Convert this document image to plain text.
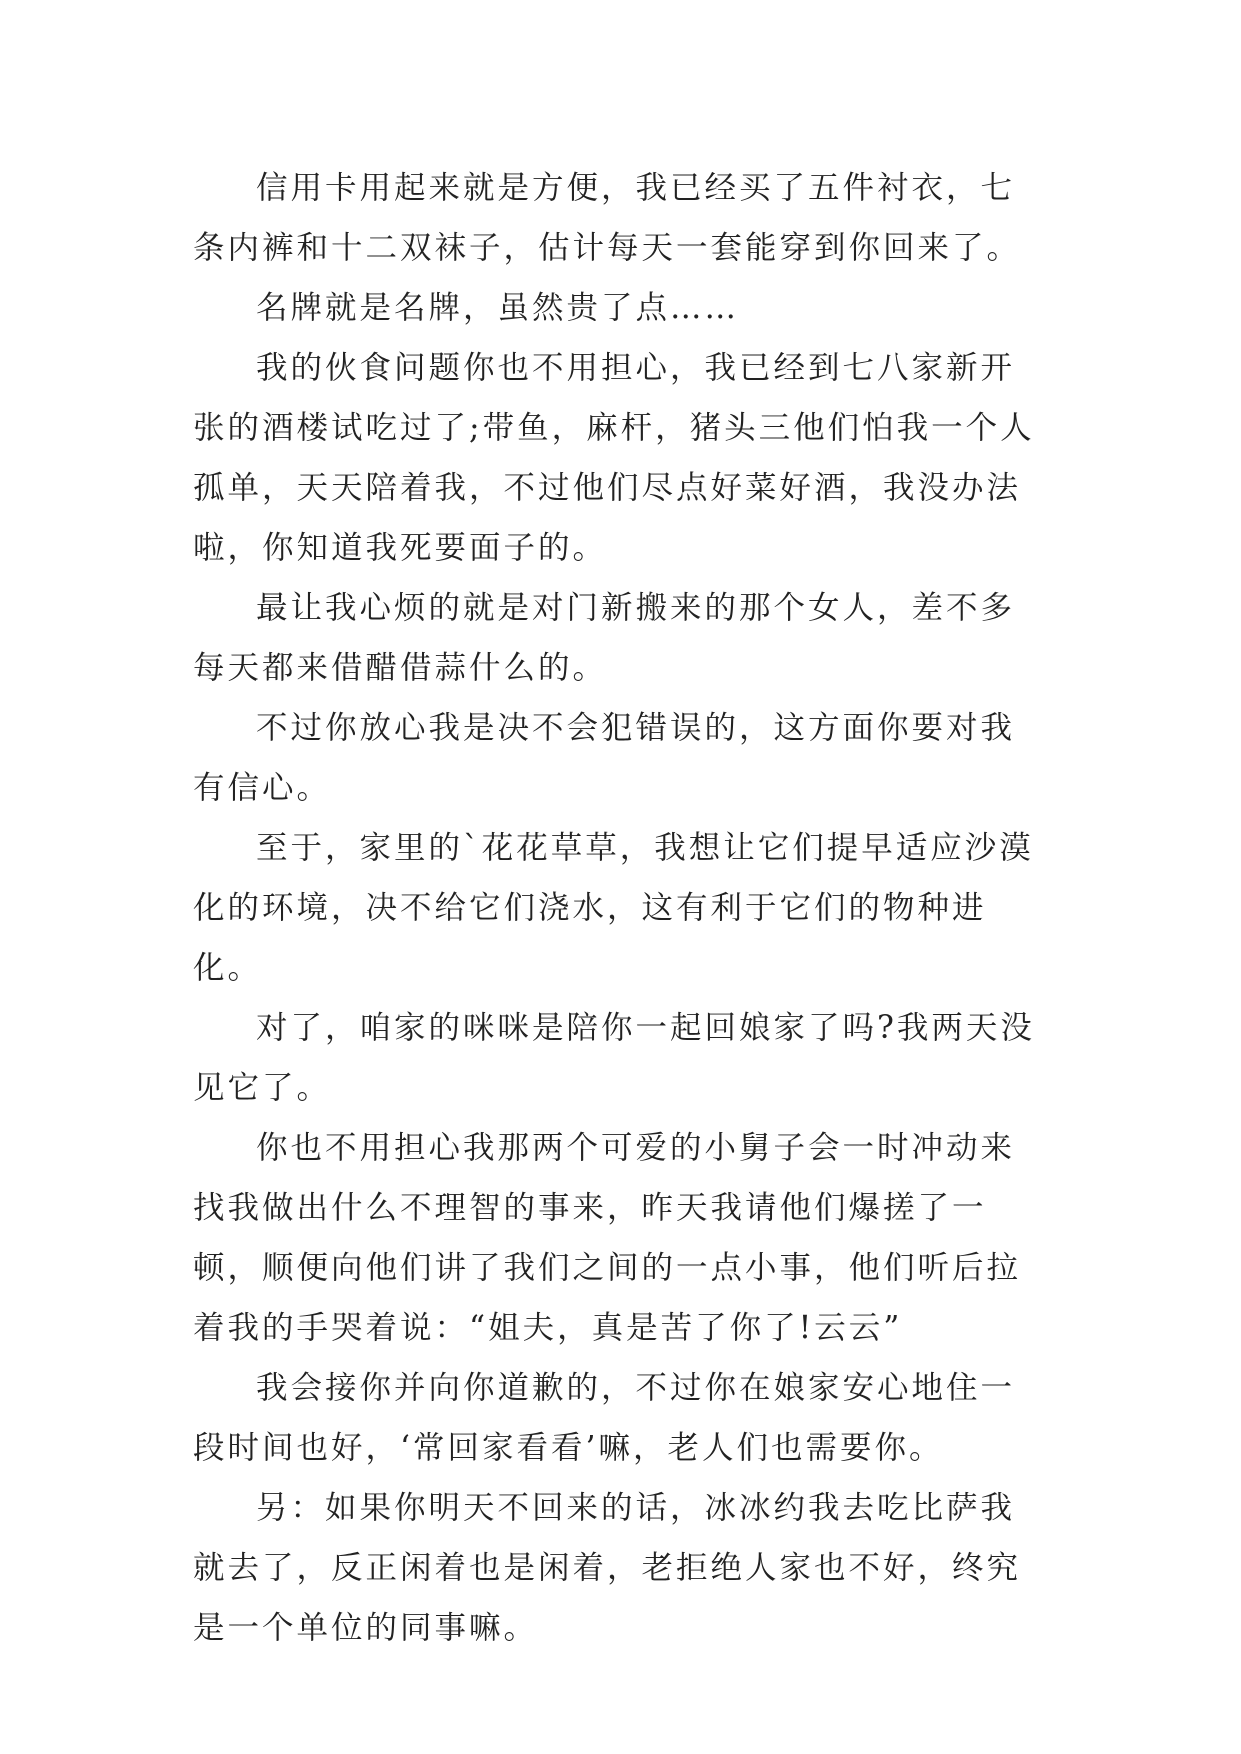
信用卡用起来就是方便，我已经买了五件衬衣，七条内裤和十二双袜子，估计每天一套能穿到你回来了。

名牌就是名牌，虽然贵了点……

我的伙食问题你也不用担心，我已经到七八家新开张的酒楼试吃过了;带鱼，麻杆，猪头三他们怕我一个人孤单，天天陪着我，不过他们尽点好菜好酒，我没办法啦，你知道我死要面子的。

最让我心烦的就是对门新搬来的那个女人，差不多每天都来借醋借蒜什么的。

不过你放心我是决不会犯错误的，这方面你要对我有信心。

至于，家里的`花花草草，我想让它们提早适应沙漠化的环境，决不给它们浇水，这有利于它们的物种进化。

对了，咱家的咪咪是陪你一起回娘家了吗?我两天没见它了。

你也不用担心我那两个可爱的小舅子会一时冲动来找我做出什么不理智的事来，昨天我请他们爆搓了一顿，顺便向他们讲了我们之间的一点小事，他们听后拉着我的手哭着说：“姐夫，真是苦了你了!云云”

我会接你并向你道歉的，不过你在娘家安心地住一段时间也好，‘常回家看看’嘛，老人们也需要你。

另：如果你明天不回来的话，冰冰约我去吃比萨我就去了，反正闲着也是闲着，老拒绝人家也不好，终究是一个单位的同事嘛。
